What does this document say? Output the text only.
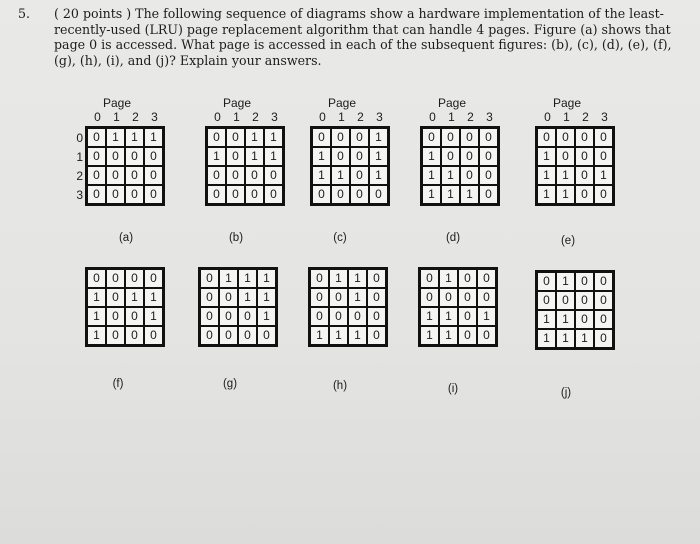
5. ( 20 points ) The following sequence of diagrams show a hardware implementation of the least-
recently-used (LRU) page replacement algorithm that can handle 4 pages. Figure (a) shows that
page 0 is accessed. What page is accessed in each of the subsequent figures: (b), (c), (d), (e), (f),
(g), (h), (i), and (j)? Explain your answers.
Page
0	1	2	3
0
1
2
3
0	1	1	1
0	0	0	0
0	0	0	0
0	0	0	0
(a)
Page
0	1	2	3
0	0	1	1
1	0	1	1
0	0	0	0
0	0	0	0
(b)
Page
0	1	2	3
0	0	0	1
1	0	0	1
1	1	0	1
0	0	0	0
(c)
Page
0	1	2	3
0	0	0	0
1	0	0	0
1	1	0	0
1	1	1	0
(d)
Page
0	1	2	3
0	0	0	0
1	0	0	0
1	1	0	1
1	1	0	0
(e)
0	0	0	0
1	0	1	1
1	0	0	1
1	0	0	0
(f)
0	1	1	1
0	0	1	1
0	0	0	1
0	0	0	0
(g)
0	1	1	0
0	0	1	0
0	0	0	0
1	1	1	0
(h)
0	1	0	0
0	0	0	0
1	1	0	1
1	1	0	0
(i)
0	1	0	0
0	0	0	0
1	1	0	0
1	1	1	0
(j)
